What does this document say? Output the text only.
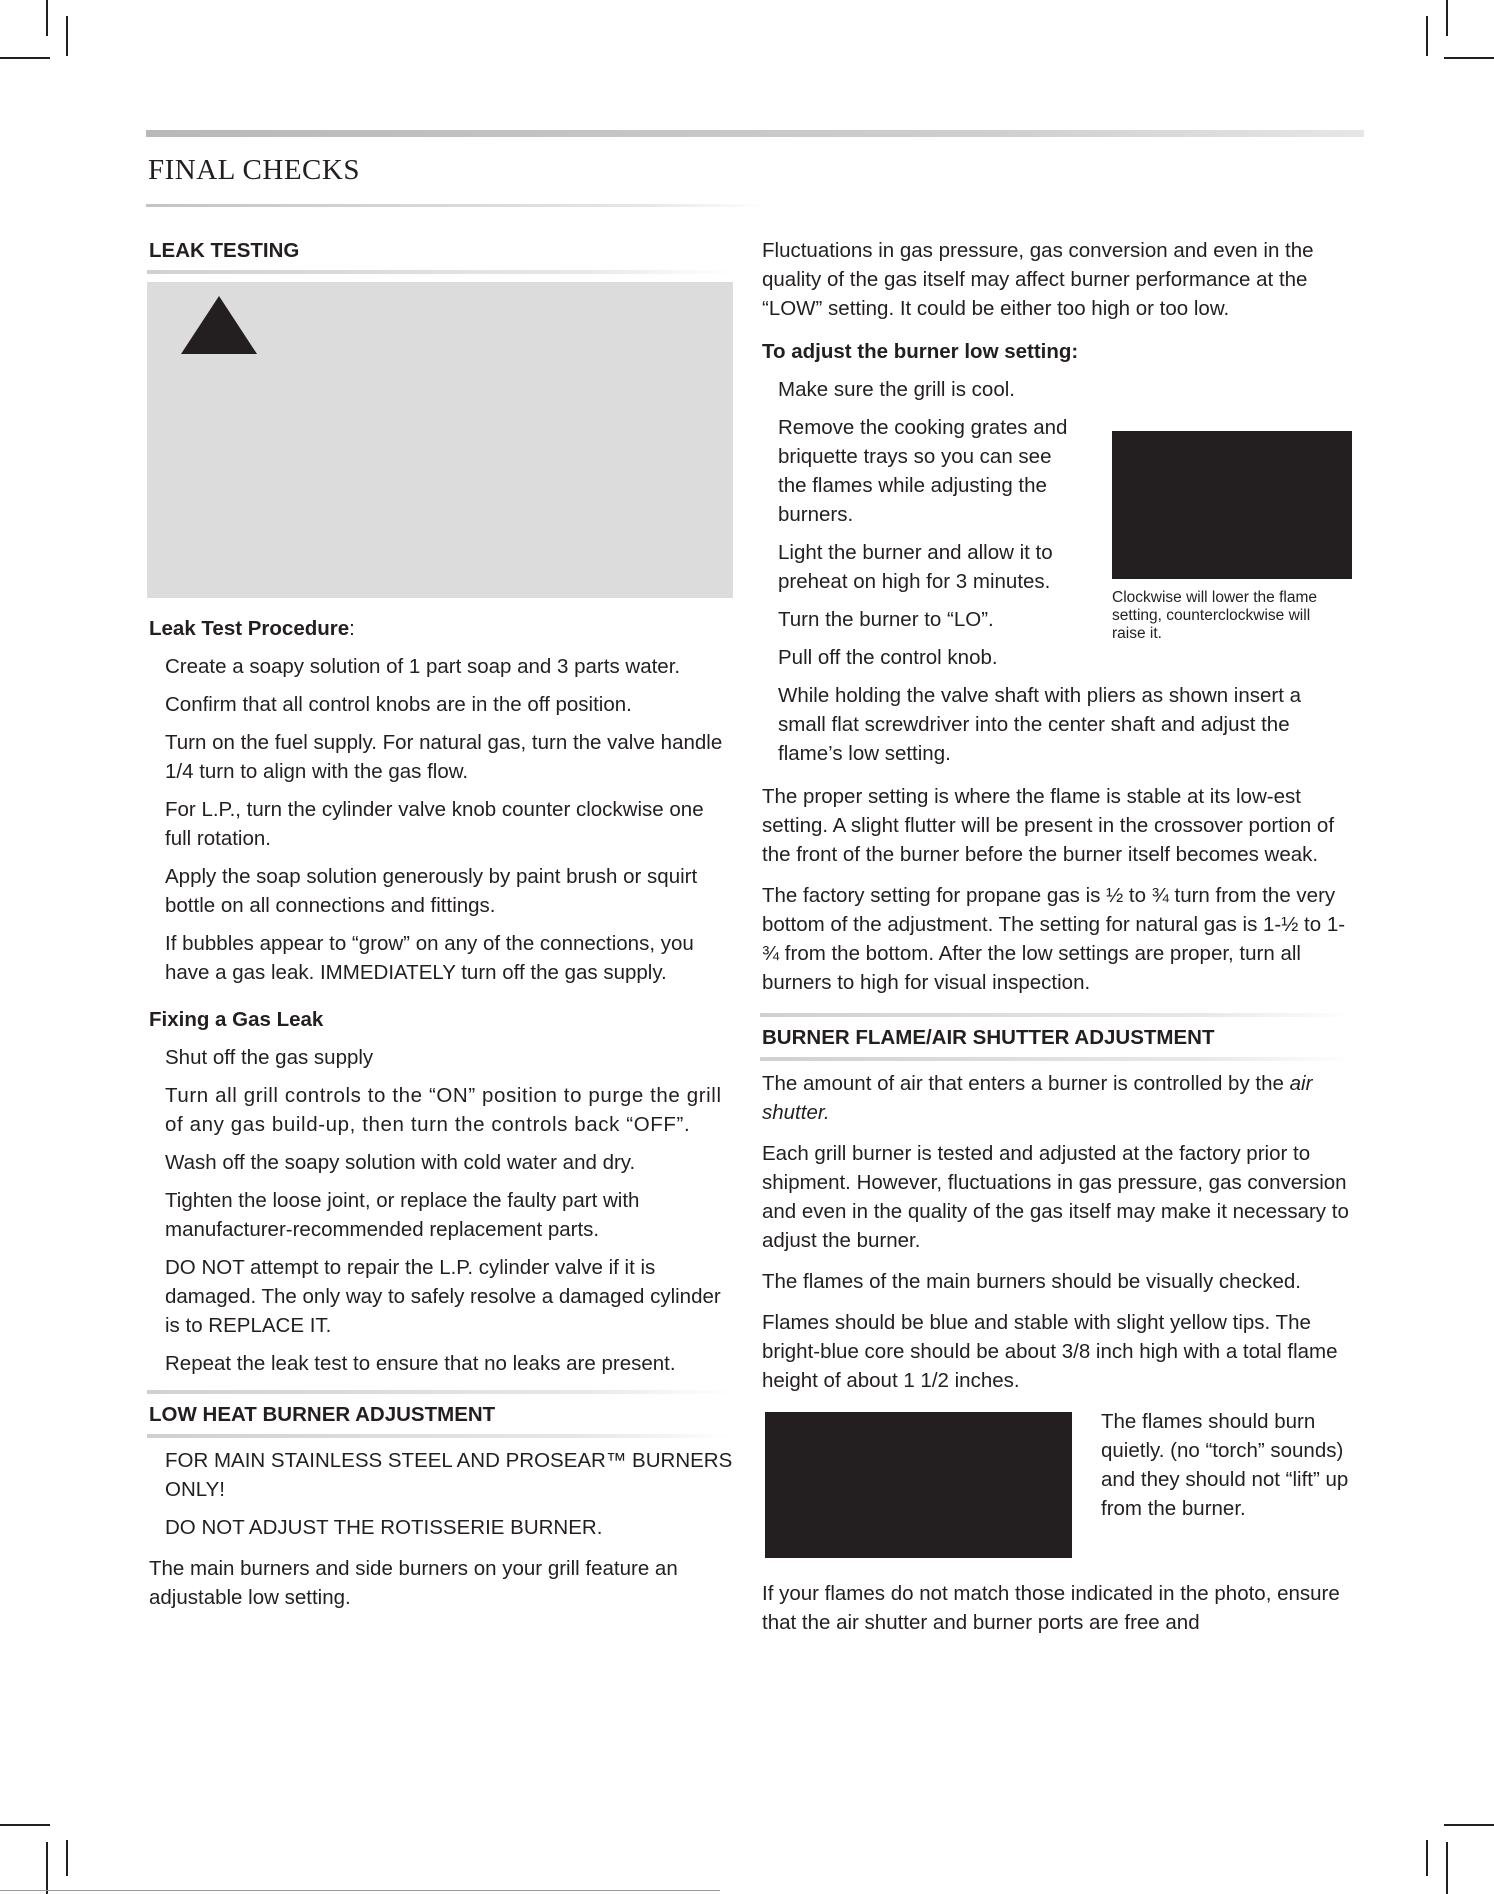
FINAL CHECKS

LEAK TESTING

Leak Test Procedure:

Create a soapy solution of 1 part soap and 3 parts water.

Confirm that all control knobs are in the off position.

Turn on the fuel supply. For natural gas, turn the valve handle 1/4 turn to align with the gas flow.

For L.P., turn the cylinder valve knob counter clockwise one full rotation.

Apply the soap solution generously by paint brush or squirt bottle on all connections and fittings.

If bubbles appear to “grow” on any of the connections, you have a gas leak. IMMEDIATELY turn off the gas supply.

Fixing a Gas Leak

Shut off the gas supply

Turn all grill controls to the “ON” position to purge the grill of any gas build-up, then turn the controls back “OFF”.

Wash off the soapy solution with cold water and dry.

Tighten the loose joint, or replace the faulty part with manufacturer-recommended replacement parts.

DO NOT attempt to repair the L.P. cylinder valve if it is damaged. The only way to safely resolve a damaged cylinder is to REPLACE IT.

Repeat the leak test to ensure that no leaks are present.

LOW HEAT BURNER ADJUSTMENT

FOR MAIN STAINLESS STEEL AND PROSEAR™ BURNERS ONLY!

DO NOT ADJUST THE ROTISSERIE BURNER.

The main burners and side burners on your grill feature an adjustable low setting.

Fluctuations in gas pressure, gas conversion and even in the quality of the gas itself may affect burner performance at the “LOW” setting. It could be either too high or too low.

To adjust the burner low setting:

Clockwise will lower the flame setting, counterclockwise will raise it.

Make sure the grill is cool.

Remove the cooking grates and briquette trays so you can see the flames while adjusting the burners.

Light the burner and allow it to preheat on high for 3 minutes.

Turn the burner to “LO”.

Pull off the control knob.

While holding the valve shaft with pliers as shown insert a small flat screwdriver into the center shaft and adjust the flame’s low setting.

The proper setting is where the flame is stable at its low-est setting. A slight flutter will be present in the crossover portion of the front of the burner before the burner itself becomes weak.

The factory setting for propane gas is ½ to ¾ turn from the very bottom of the adjustment. The setting for natural gas is 1-½ to 1-¾ from the bottom. After the low settings are proper, turn all burners to high for visual inspection.

BURNER FLAME/AIR SHUTTER ADJUSTMENT

The amount of air that enters a burner is controlled by the air shutter.

Each grill burner is tested and adjusted at the factory prior to shipment. However, fluctuations in gas pressure, gas conversion and even in the quality of the gas itself may make it necessary to adjust the burner.

The flames of the main burners should be visually checked.

Flames should be blue and stable with slight yellow tips. The bright-blue core should be about 3/8 inch high with a total flame height of about 1 1/2 inches.

The flames should burn quietly. (no “torch” sounds) and they should not “lift” up from the burner.

If your flames do not match those indicated in the photo, ensure that the air shutter and burner ports are free and
